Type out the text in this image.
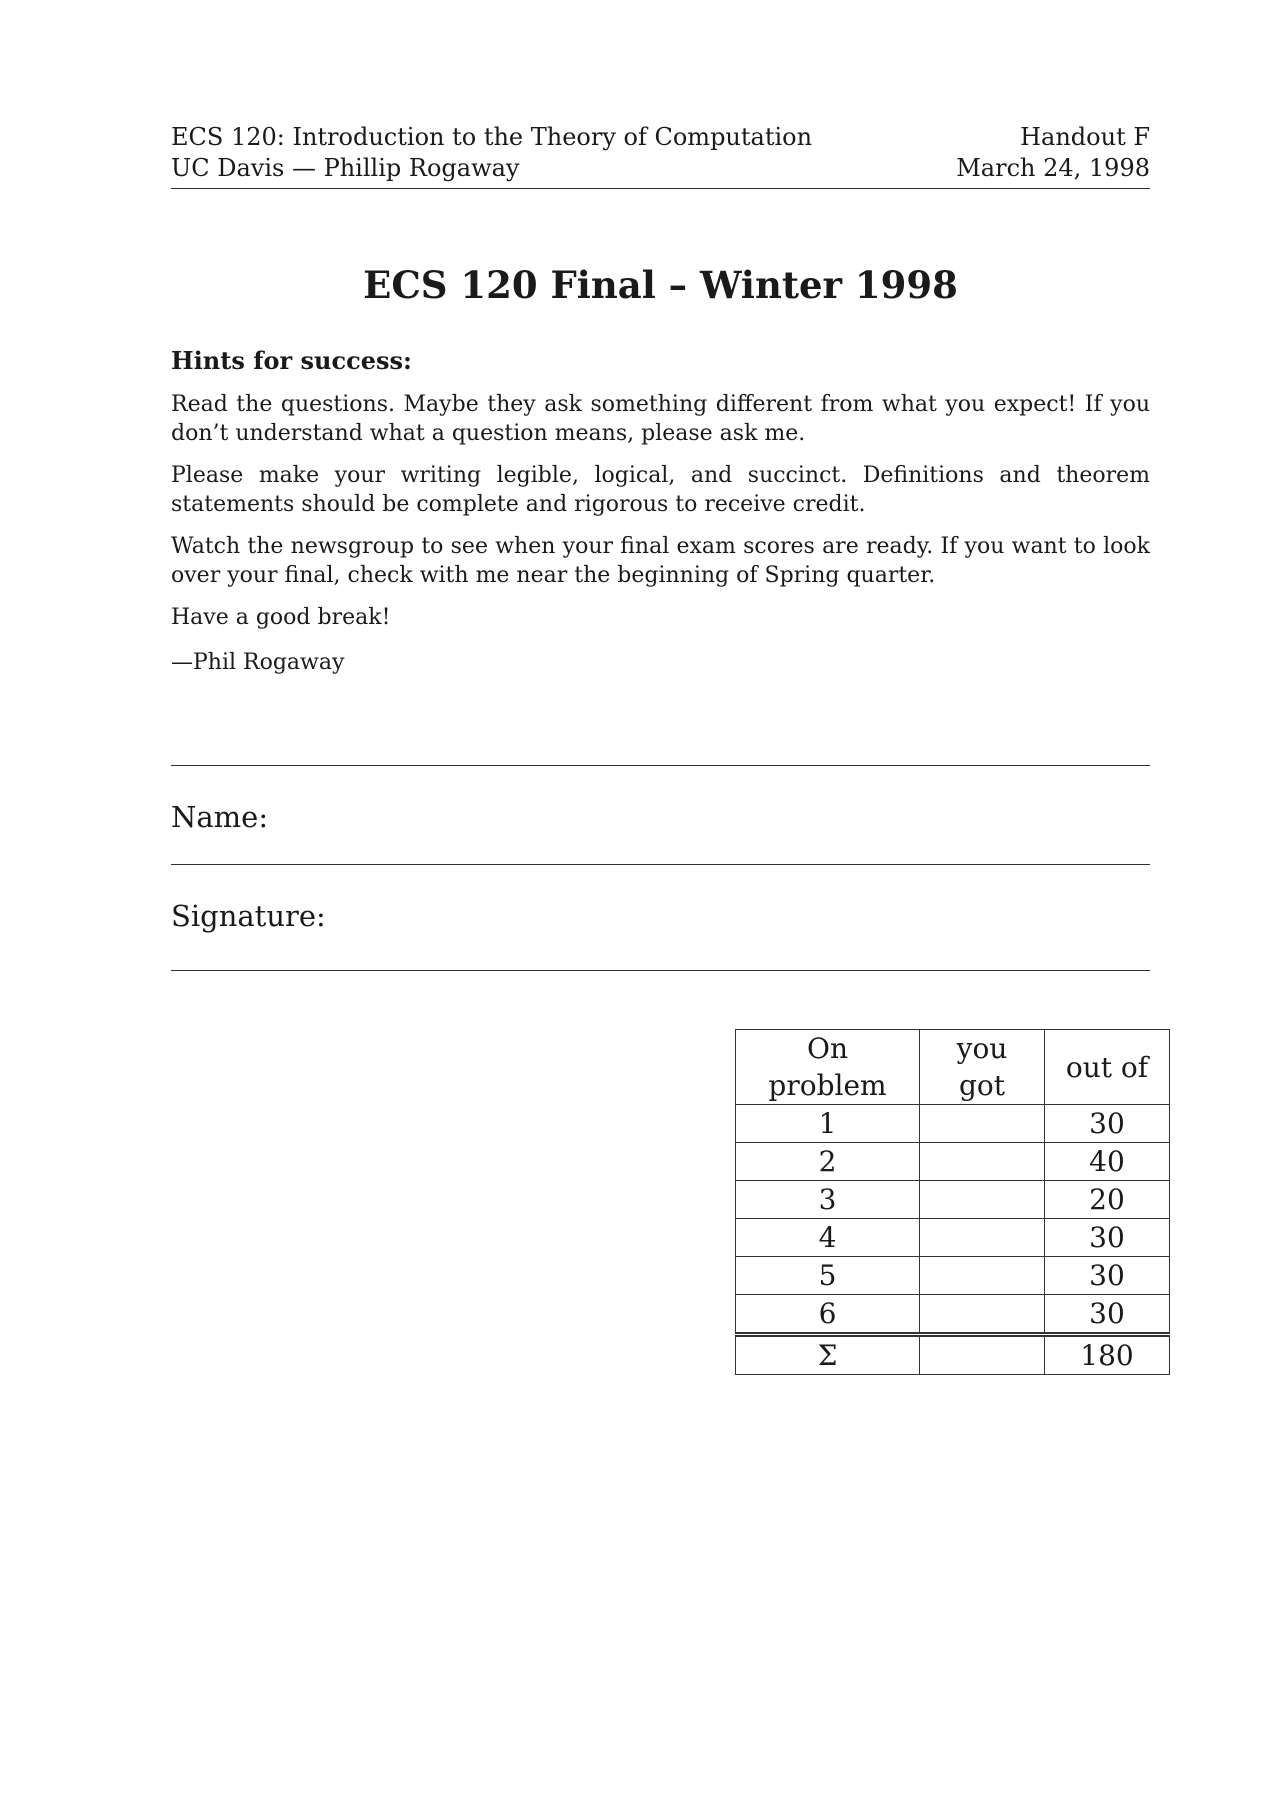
ECS 120: Introduction to the Theory of Computation
UC Davis — Phillip Rogaway
Handout F
March 24, 1998
ECS 120 Final – Winter 1998
Hints for success:
Read the questions. Maybe they ask something different from what you expect! If you don’t understand what a question means, please ask me.
Please make your writing legible, logical, and succinct. Definitions and theorem statements should be complete and rigorous to receive credit.
Watch the newsgroup to see when your final exam scores are ready. If you want to look over your final, check with me near the beginning of Spring quarter.
Have a good break!
—Phil Rogaway
Name:
Signature:
On problem	you got	out of
1		30
2		40
3		20
4		30
5		30
6		30
Σ		180
